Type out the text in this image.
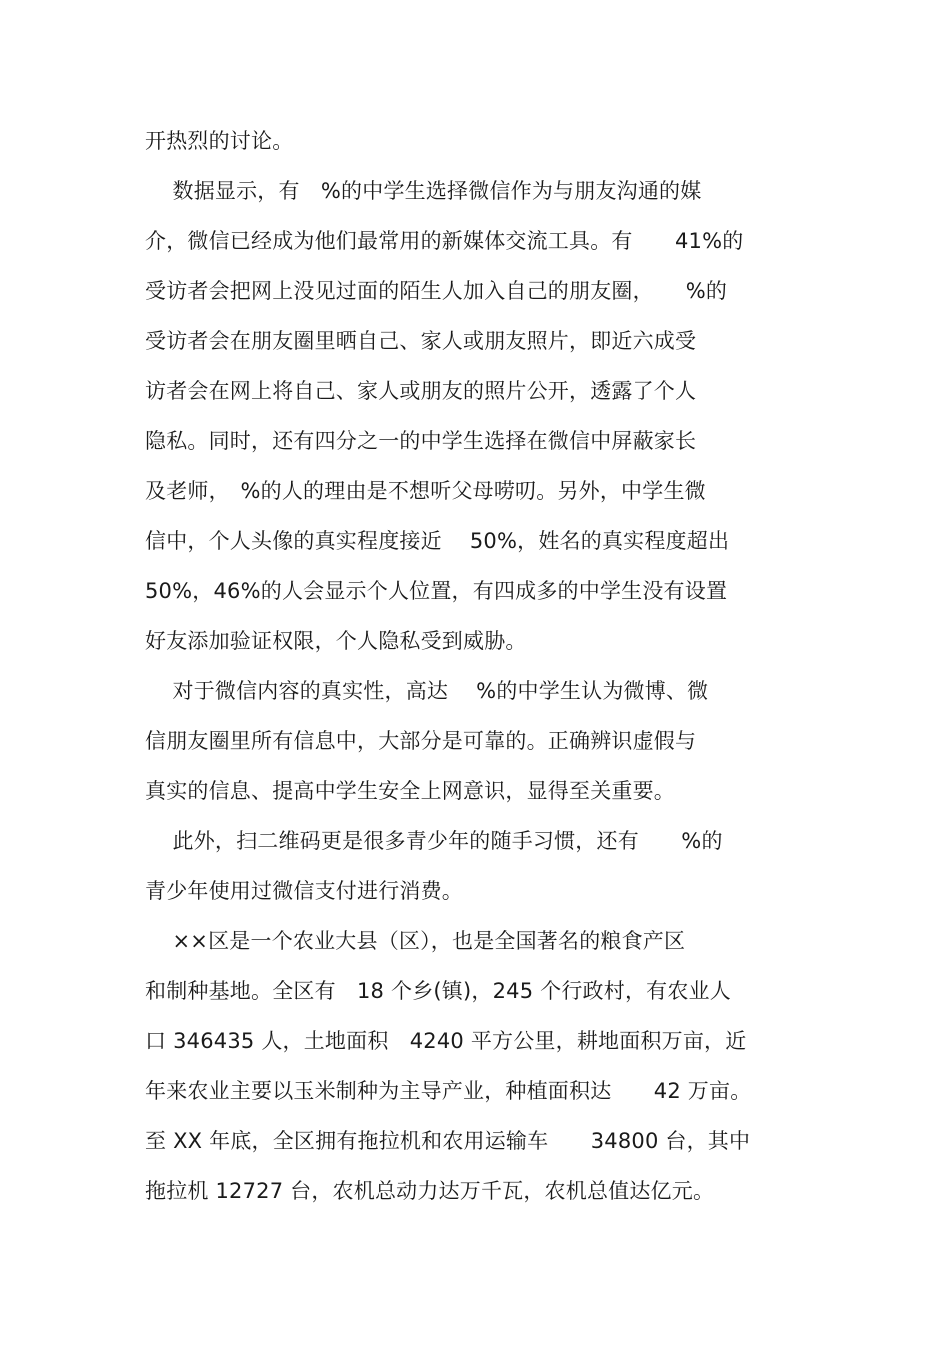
开热烈的讨论。
数据显示，有　%的中学生选择微信作为与朋友沟通的媒
介，微信已经成为他们最常用的新媒体交流工具。有　　41%的
受访者会把网上没见过面的陌生人加入自己的朋友圈，　　%的
受访者会在朋友圈里晒自己、家人或朋友照片，即近六成受
访者会在网上将自己、家人或朋友的照片公开，透露了个人
隐私。同时，还有四分之一的中学生选择在微信中屏蔽家长
及老师，　%的人的理由是不想听父母唠叨。另外，中学生微
信中，个人头像的真实程度接近　 50%，姓名的真实程度超出
50%，46%的人会显示个人位置，有四成多的中学生没有设置
好友添加验证权限，个人隐私受到威胁。
对于微信内容的真实性，高达　 %的中学生认为微博、微
信朋友圈里所有信息中，大部分是可靠的。正确辨识虚假与
真实的信息、提高中学生安全上网意识，显得至关重要。
此外，扫二维码更是很多青少年的随手习惯，还有　　%的
青少年使用过微信支付进行消费。
××区是一个农业大县（区），也是全国著名的粮食产区
和制种基地。全区有　18 个乡(镇)，245 个行政村，有农业人
口 346435 人，土地面积　4240 平方公里，耕地面积万亩，近
年来农业主要以玉米制种为主导产业，种植面积达　　42 万亩。
至 XX 年底，全区拥有拖拉机和农用运输车　　34800 台，其中
拖拉机 12727 台，农机总动力达万千瓦，农机总值达亿元。
